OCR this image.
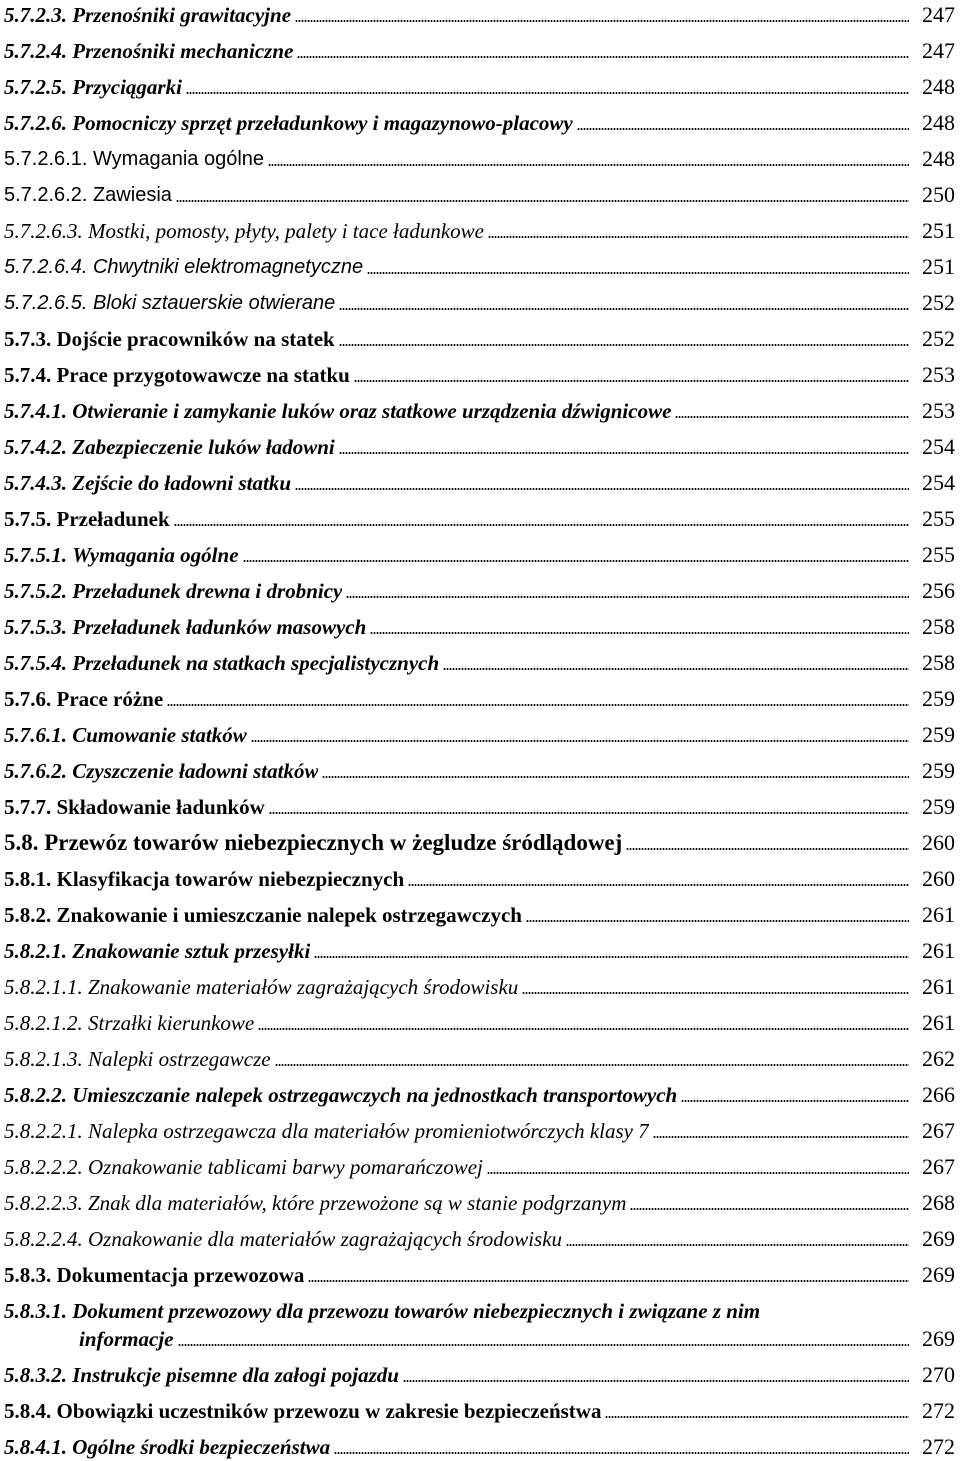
5.7.2.3. Przenośniki grawitacyjne	247
5.7.2.4. Przenośniki mechaniczne	247
5.7.2.5. Przyciągarki	248
5.7.2.6. Pomocniczy sprzęt przeładunkowy i magazynowo-placowy	248
5.7.2.6.1. Wymagania ogólne	248
5.7.2.6.2. Zawiesia	250
5.7.2.6.3. Mostki, pomosty, płyty, palety i tace ładunkowe	251
5.7.2.6.4. Chwytniki elektromagnetyczne	251
5.7.2.6.5. Bloki sztauerskie otwierane	252
5.7.3. Dojście pracowników na statek	252
5.7.4. Prace przygotowawcze na statku	253
5.7.4.1. Otwieranie i zamykanie luków oraz statkowe urządzenia dźwignicowe	253
5.7.4.2. Zabezpieczenie luków ładowni	254
5.7.4.3. Zejście do ładowni statku	254
5.7.5. Przeładunek	255
5.7.5.1. Wymagania ogólne	255
5.7.5.2. Przeładunek drewna i drobnicy	256
5.7.5.3. Przeładunek ładunków masowych	258
5.7.5.4. Przeładunek na statkach specjalistycznych	258
5.7.6. Prace różne	259
5.7.6.1. Cumowanie statków	259
5.7.6.2. Czyszczenie ładowni statków	259
5.7.7. Składowanie ładunków	259
5.8. Przewóz towarów niebezpiecznych w żegludze śródlądowej	260
5.8.1. Klasyfikacja towarów niebezpiecznych	260
5.8.2. Znakowanie i umieszczanie nalepek ostrzegawczych	261
5.8.2.1. Znakowanie sztuk przesyłki	261
5.8.2.1.1. Znakowanie materiałów zagrażających środowisku	261
5.8.2.1.2. Strzałki kierunkowe	261
5.8.2.1.3. Nalepki ostrzegawcze	262
5.8.2.2. Umieszczanie nalepek ostrzegawczych na jednostkach transportowych	266
5.8.2.2.1. Nalepka ostrzegawcza dla materiałów promieniotwórczych klasy 7	267
5.8.2.2.2. Oznakowanie tablicami barwy pomarańczowej	267
5.8.2.2.3. Znak dla materiałów, które przewożone są w stanie podgrzanym	268
5.8.2.2.4. Oznakowanie dla materiałów zagrażających środowisku	269
5.8.3. Dokumentacja przewozowa	269
5.8.3.1. Dokument przewozowy dla przewozu towarów niebezpiecznych i związane z nim
informacje	269
5.8.3.2. Instrukcje pisemne dla załogi pojazdu	270
5.8.4. Obowiązki uczestników przewozu w zakresie bezpieczeństwa	272
5.8.4.1. Ogólne środki bezpieczeństwa	272
